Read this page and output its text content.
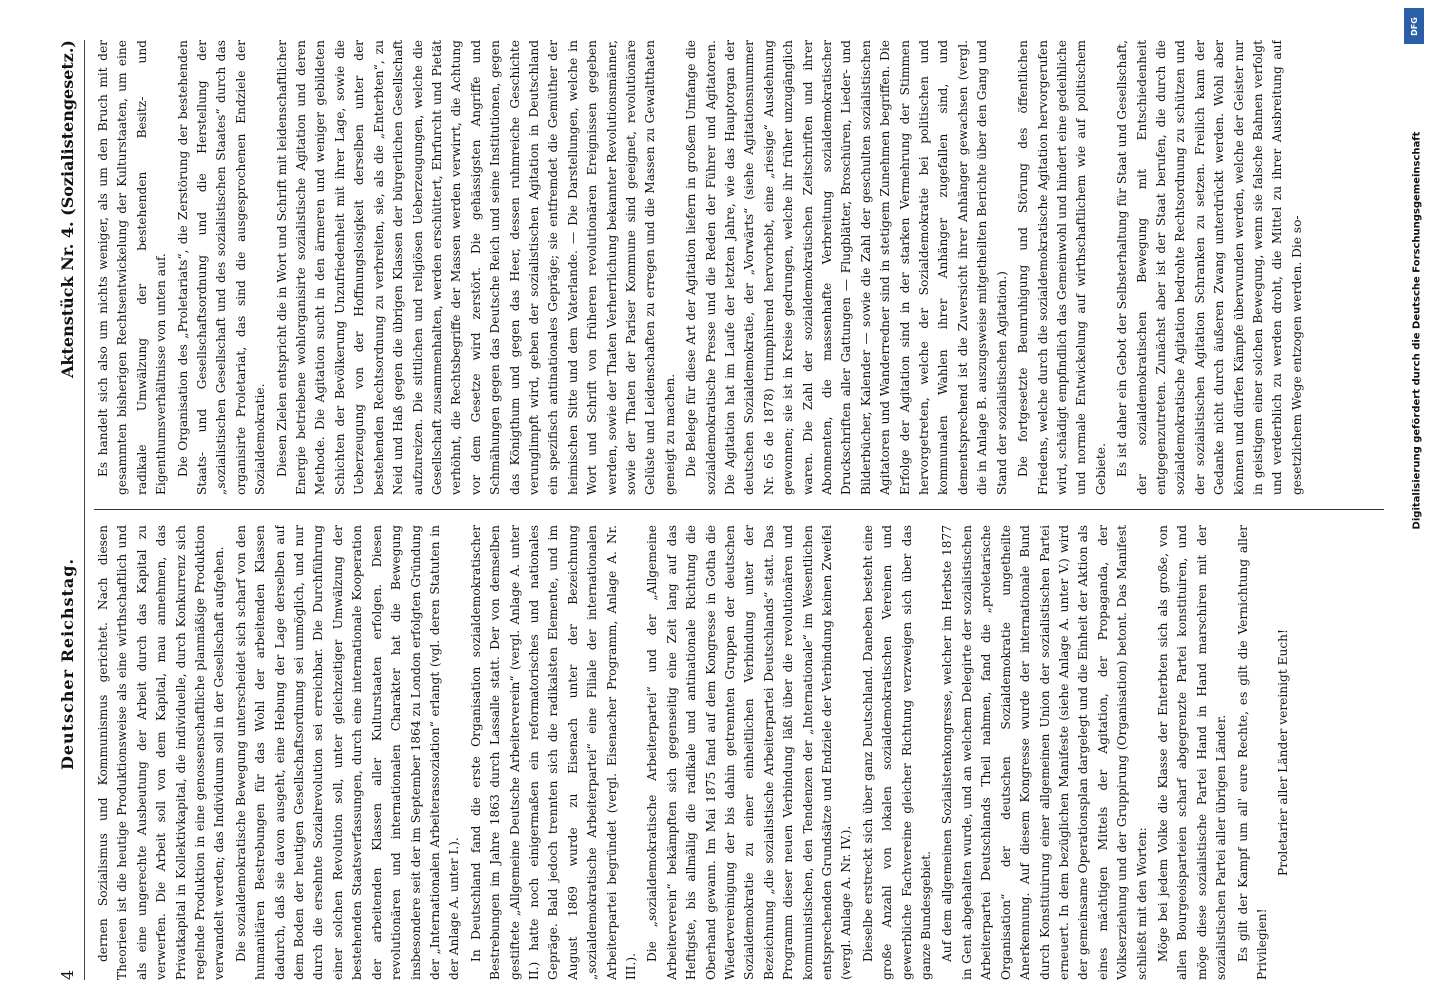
4
Deutscher Reichstag.
Aktenstück Nr. 4. (Sozialistengesetz.)

dernen Sozialismus und Kommunismus gerichtet. Nach diesen Theorieen ist die heutige Produktionsweise als eine wirthschaftlich und als eine ungerechte Ausbeutung der Arbeit durch das Kapital zu verwerfen. Die Arbeit soll von dem Kapital, mau annehmen, das Privatkapital in Kollektivkapital, die individuelle, durch Konkurrenz sich regelnde Produktion in eine genossenschaftliche planmäßige Produktion verwandelt werden; das Individuum soll in der Gesellschaft aufgehen. Die sozialdemokratische Bewegung unterscheidet sich scharf von den humanitären Bestrebungen für das Wohl der arbeitenden Klassen dadurch, daß sie davon ausgeht, eine Hebung der Lage derselben auf dem Boden der heutigen Gesellschaftsordnung sei unmöglich, und nur durch die ersehnte Sozialrevolution sei erreichbar. Die Durchführung einer solchen Revolution soll, unter gleichzeitiger Umwälzung der bestehenden Staatsverfassungen, durch eine internationale Kooperation der arbeitenden Klassen aller Kulturstaaten erfolgen. Diesen revolutionären und internationalen Charakter hat die Bewegung insbesondere seit der im September 1864 zu London erfolgten Gründung der „Internationalen Arbeiterassoziation“ erlangt (vgl. deren Statuten in der Anlage A. unter I.). In Deutschland fand die erste Organisation sozialdemokratischer Bestrebungen im Jahre 1863 durch Lassalle statt. Der von demselben gestiftete „Allgemeine Deutsche Arbeiterverein“ (vergl. Anlage A. unter II.) hatte noch einigermaßen ein reformatorisches und nationales Gepräge. Bald jedoch trennten sich die radikalsten Elemente, und im August 1869 wurde zu Eisenach unter der Bezeichnung „sozialdemokratische Arbeiterpartei“ eine Filiale der internationalen Arbeiterpartei begründet (vergl. Eisenacher Programm, Anlage A. Nr. III.).

Die „sozialdemokratische Arbeiterpartei“ und der „Allgemeine Arbeiterverein“ bekämpften sich gegenseitig eine Zeit lang auf das Heftigste, bis allmälig die radikale und antinationale Richtung die Oberhand gewann. Im Mai 1875 fand auf dem Kongresse in Gotha die Wiedervereinigung der bis dahin getrennten Gruppen der deutschen Sozialdemokratie zu einer einheitlichen Verbindung unter der Bezeichnung „die sozialistische Arbeiterpartei Deutschlands“ statt. Das Programm dieser neuen Verbindung läßt über die revolutionären und kommunistischen, den Tendenzen der „Internationale“ im Wesentlichen entsprechenden Grundsätze und Endziele der Verbindung keinen Zweifel (vergl. Anlage A. Nr. IV.). Dieselbe erstreckt sich über ganz Deutschland. Daneben besteht eine große Anzahl von lokalen sozialdemokratischen Vereinen und gewerbliche Fachvereine gleicher Richtung verzweigen sich über das ganze Bundesgebiet. Auf dem allgemeinen Sozialistenkongresse, welcher im Herbste 1877 in Gent abgehalten wurde, und an welchem Delegirte der sozialistischen Arbeiterpartei Deutschlands Theil nahmen, fand die „proletarische Organisation“ der deutschen Sozialdemokratie ungetheilte Anerkennung. Auf diesem Kongresse wurde der internationale Bund durch Konstituirung einer allgemeinen Union der sozialistischen Partei erneuert. In dem bezüglichen Manifeste (siehe Anlage A. unter V.) wird der gemeinsame Operationsplan dargelegt und die Einheit der Aktion als eines mächtigen Mittels der Agitation, der Propaganda, der Volkserziehung und der Gruppirung (Organisation) betont. Das Manifest schließt mit den Worten: Möge bei jedem Volke die Klasse der Enterbten sich als große, von allen Bourgeoisparteien scharf abgegrenzte Partei konstituiren, und möge diese sozialistische Partei Hand in Hand marschiren mit der sozialistischen Partei aller übrigen Länder. Es gilt der Kampf um all' eure Rechte, es gilt die Vernichtung aller Privilegien!

Proletarier aller Länder vereinigt Euch!

Es handelt sich also um nichts weniger, als um den Bruch mit der gesammten bisherigen Rechtsentwickelung der Kulturstaaten, um eine radikale Umwälzung der bestehenden Besitz- und Eigenthumsverhältnisse von unten auf. Die Organisation des „Proletariats“, die Zerstörung der bestehenden Staats- und Gesellschaftsordnung und die Herstellung der „sozialistischen Gesellschaft und des sozialistischen Staates“ durch das organisirte Proletariat, das sind die ausgesprochenen Endziele der Sozialdemokratie. Diesen Zielen entspricht die in Wort und Schrift mit leidenschaftlicher Energie betriebene wohlorganisirte sozialistische Agitation und deren Methode. Die Agitation sucht in den ärmeren und weniger gebildeten Schichten der Bevölkerung Unzufriedenheit mit ihrer Lage, sowie die Ueberzeugung von der Hoffnungslosigkeit derselben unter der bestehenden Rechtsordnung zu verbreiten, sie, als die „Enterbten“, zu Neid und Haß gegen die übrigen Klassen der bürgerlichen Gesellschaft aufzureizen. Die sittlichen und religiösen Ueberzeugungen, welche die Gesellschaft zusammenhalten, werden erschüttert, Ehrfurcht und Pietät verhöhnt, die Rechtsbegriffe der Massen werden verwirrt, die Achtung vor dem Gesetze wird zerstört. Die gehässigsten Angriffe und Schmähungen gegen das Deutsche Reich und seine Institutionen, gegen das Königthum und gegen das Heer, dessen ruhmreiche Geschichte verunglimpft wird, geben der sozialistischen Agitation in Deutschland ein spezifisch antinationales Gepräge; sie entfremdet die Gemüther der heimischen Sitte und dem Vaterlande. — Die Darstellungen, welche in Wort und Schrift von früheren revolutionären Ereignissen gegeben werden, sowie der Thaten Verherrlichung bekannter Revolutionsmänner, sowie der Thaten der Pariser Kommune sind geeignet, revolutionäre Gelüste und Leidenschaften zu erregen und die Massen zu Gewaltthaten geneigt zu machen. Die Belege für diese Art der Agitation liefern in großem Umfange die sozialdemokratische Presse und die Reden der Führer und Agitatoren. Die Agitation hat im Laufe der letzten Jahre, wie das Hauptorgan der deutschen Sozialdemokratie, der „Vorwärts“ (siehe Agitationsnummer Nr. 65 de 1878) triumphirend hervorhebt, eine „riesige“ Ausdehnung gewonnen; sie ist in Kreise gedrungen, welche ihr früher unzugänglich waren. Die Zahl der sozialdemokratischen Zeitschriften und ihrer Abonnenten, die massenhafte Verbreitung sozialdemokratischer Druckschriften aller Gattungen — Flugblätter, Broschüren, Lieder- und Bilderbücher, Kalender — sowie die Zahl der geschulten sozialistischen Agitatoren und Wanderredner sind in stetigem Zunehmen begriffen. Die Erfolge der Agitation sind in der starken Vermehrung der Stimmen hervorgetreten, welche der Sozialdemokratie bei politischen und kommunalen Wahlen ihrer Anhänger zugefallen sind, und dementsprechend ist die Zuversicht ihrer Anhänger gewachsen (vergl. die in Anlage B. auszugsweise mitgetheilten Berichte über den Gang und Stand der sozialistischen Agitation.) Die fortgesetzte Beunruhigung und Störung des öffentlichen Friedens, welche durch die sozialdemokratische Agitation hervorgerufen wird, schädigt empfindlich das Gemeinwohl und hindert eine gedeihliche und normale Entwickelung auf wirthschaftlichem wie auf politischem Gebiete. Es ist daher ein Gebot der Selbsterhaltung für Staat und Gesellschaft, der sozialdemokratischen Bewegung mit Entschiedenheit entgegenzutreten. Zunächst aber ist der Staat berufen, die durch die sozialdemokratische Agitation bedrohte Rechtsordnung zu schützen und der sozialistischen Agitation Schranken zu setzen. Freilich kann der Gedanke nicht durch äußeren Zwang unterdrückt werden. Wohl aber können und dürfen Kämpfe überwunden werden, welche der Geister nur in geistigem einer solchen Bewegung, wenn sie falsche Bahnen verfolgt und verderblich zu werden droht, die Mittel zu ihrer Ausbreitung auf gesetzlichem Wege entzogen werden. Die so-

DFG
Digitalisierung gefördert durch die Deutsche Forschungsgemeinschaft
